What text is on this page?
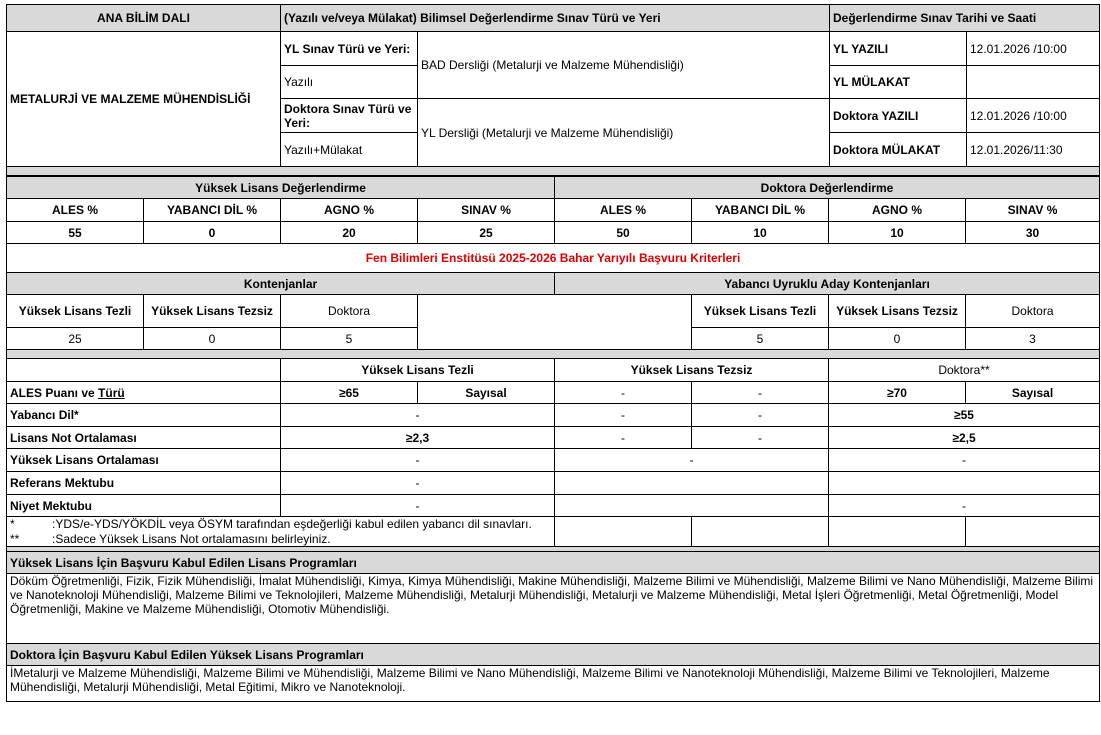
ANA BİLİM DALI	(Yazılı ve/veya Mülakat) Bilimsel Değerlendirme Sınav Türü ve Yeri		Değerlendirme Sınav Tarihi ve Saati	
METALURJİ VE MALZEME MÜHENDİSLİĞİ	YL Sınav Türü ve Yeri:	BAD Dersliği (Metalurji ve Malzeme Mühendisliği)	YL YAZILI	12.01.2026 /10:00
	Yazılı		YL MÜLAKAT	
	Doktora Sınav Türü ve Yeri:	YL Dersliği (Metalurji ve Malzeme Mühendisliği)	Doktora YAZILI	12.01.2026 /10:00
	Yazılı+Mülakat		Doktora MÜLAKAT	12.01.2026/11:30

Yüksek Lisans Değerlendirme				Doktora Değerlendirme			
ALES %	YABANCI DİL %	AGNO %	SINAV %	ALES %	YABANCI DİL %	AGNO %	SINAV %
55	0	20	25	50	10	10	30
Fen Bilimleri Enstitüsü 2025-2026 Bahar Yarıyılı Başvuru Kriterleri							
Kontenjanlar				Yabancı Uyruklu Aday Kontenjanları			
Yüksek Lisans Tezli	Yüksek Lisans Tezsiz	Doktora			Yüksek Lisans Tezli	Yüksek Lisans Tezsiz	Doktora
25	0	5			5	0	3

		Yüksek Lisans Tezli		Yüksek Lisans Tezsiz		Doktora**	
ALES Puanı ve Türü		≥65	Sayısal	-	-	≥70	Sayısal
Yabancı Dil*		-		-	-	≥55	
Lisans Not Ortalaması		≥2,3		-	-	≥2,5	
Yüksek Lisans Ortalaması		-		-		-	
Referans Mektubu		-					
Niyet Mektubu		-				-	
* :YDS/e-YDS/YÖKDİL veya ÖSYM tarafından eşdeğerliği kabul edilen yabancı dil sınavları.							
** :Sadece Yüksek Lisans Not ortalamasını belirleyiniz.							

Yüksek Lisans İçin Başvuru Kabul Edilen Lisans Programları							
Döküm Öğretmenliği, Fizik, Fizik Mühendisliği, İmalat Mühendisliği, Kimya, Kimya Mühendisliği, Makine Mühendisliği, Malzeme Bilimi ve Mühendisliği, Malzeme Bilimi ve Nano Mühendisliği, Malzeme Bilimi ve Nanoteknoloji Mühendisliği, Malzeme Bilimi ve Teknolojileri, Malzeme Mühendisliği, Metalurji Mühendisliği, Metalurji ve Malzeme Mühendisliği, Metal İşleri Öğretmenliği, Metal Öğretmenliği, Model Öğretmenliği, Makine ve Malzeme Mühendisliği, Otomotiv Mühendisliği.							
Doktora İçin Başvuru Kabul Edilen Yüksek Lisans Programları							
İMetalurji ve Malzeme Mühendisliği, Malzeme Bilimi ve Mühendisliği, Malzeme Bilimi ve Nano Mühendisliği, Malzeme Bilimi ve Nanoteknoloji Mühendisliği, Malzeme Bilimi ve Teknolojileri, Malzeme Mühendisliği, Metalurji Mühendisliği, Metal Eğitimi, Mikro ve Nanoteknoloji.							
